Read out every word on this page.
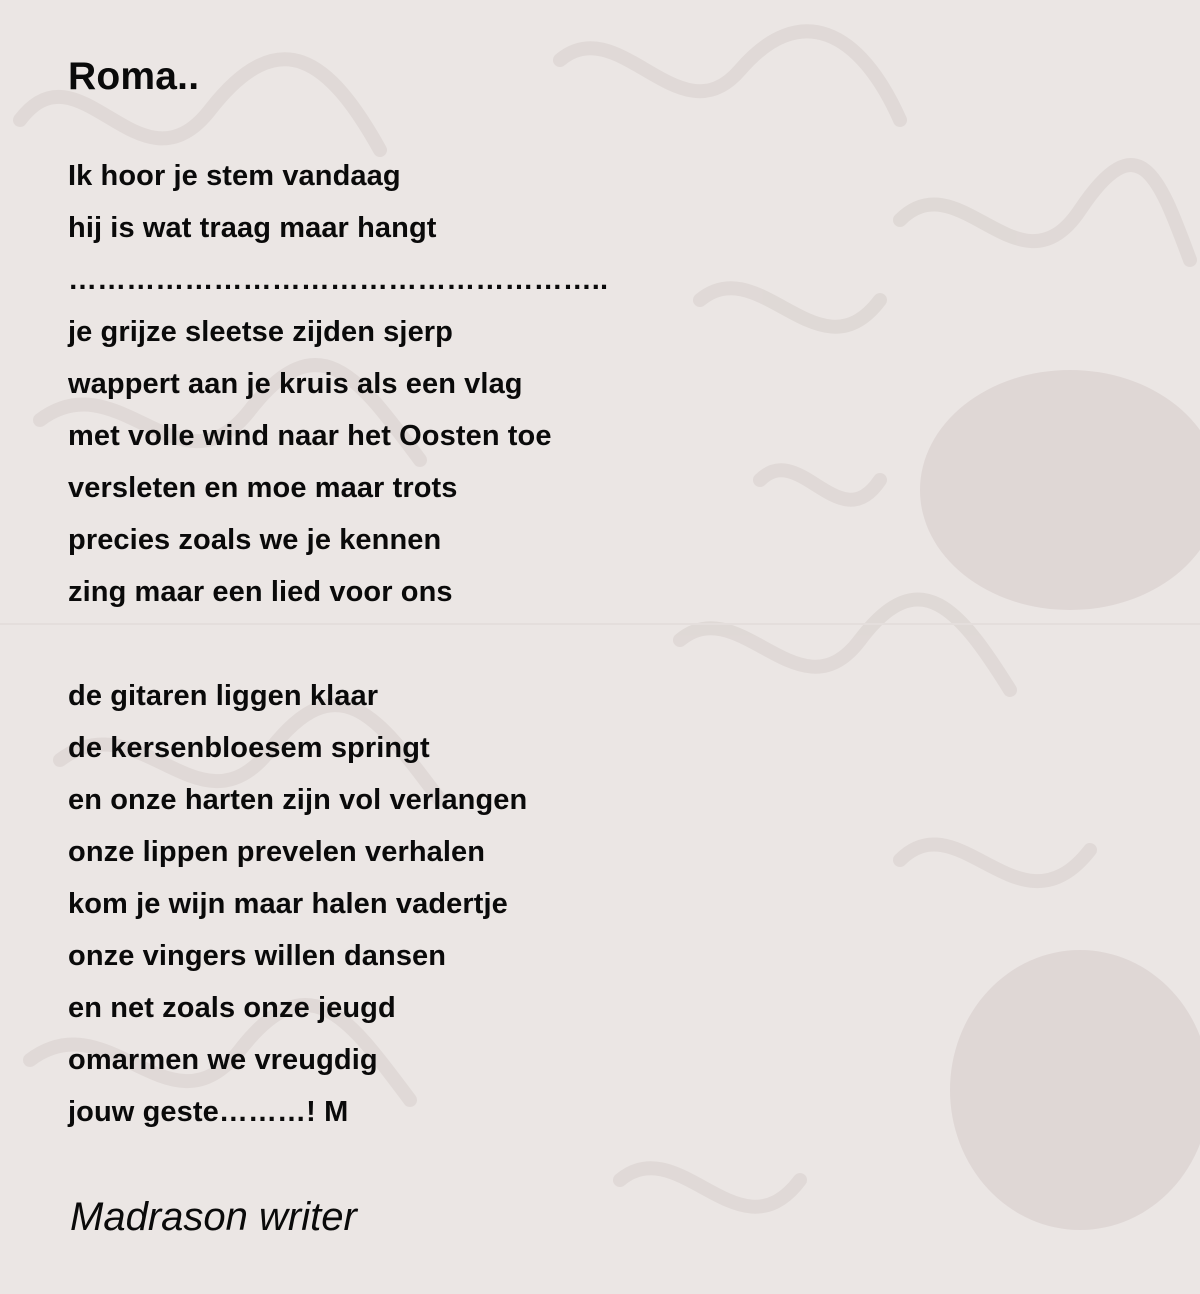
Roma..
Ik hoor je stem vandaag
hij is wat traag maar hangt
………………………………………………..
je grijze sleetse zijden sjerp
wappert aan je kruis als een vlag
met volle wind naar het Oosten toe
versleten en moe maar trots
precies zoals we je kennen
zing maar een lied voor ons
de gitaren liggen klaar
de kersenbloesem springt
en onze harten zijn vol verlangen
onze lippen prevelen verhalen
kom je wijn maar halen vadertje
onze vingers willen dansen
en net zoals onze jeugd
omarmen we vreugdig
jouw geste………! M

Madrason writer
